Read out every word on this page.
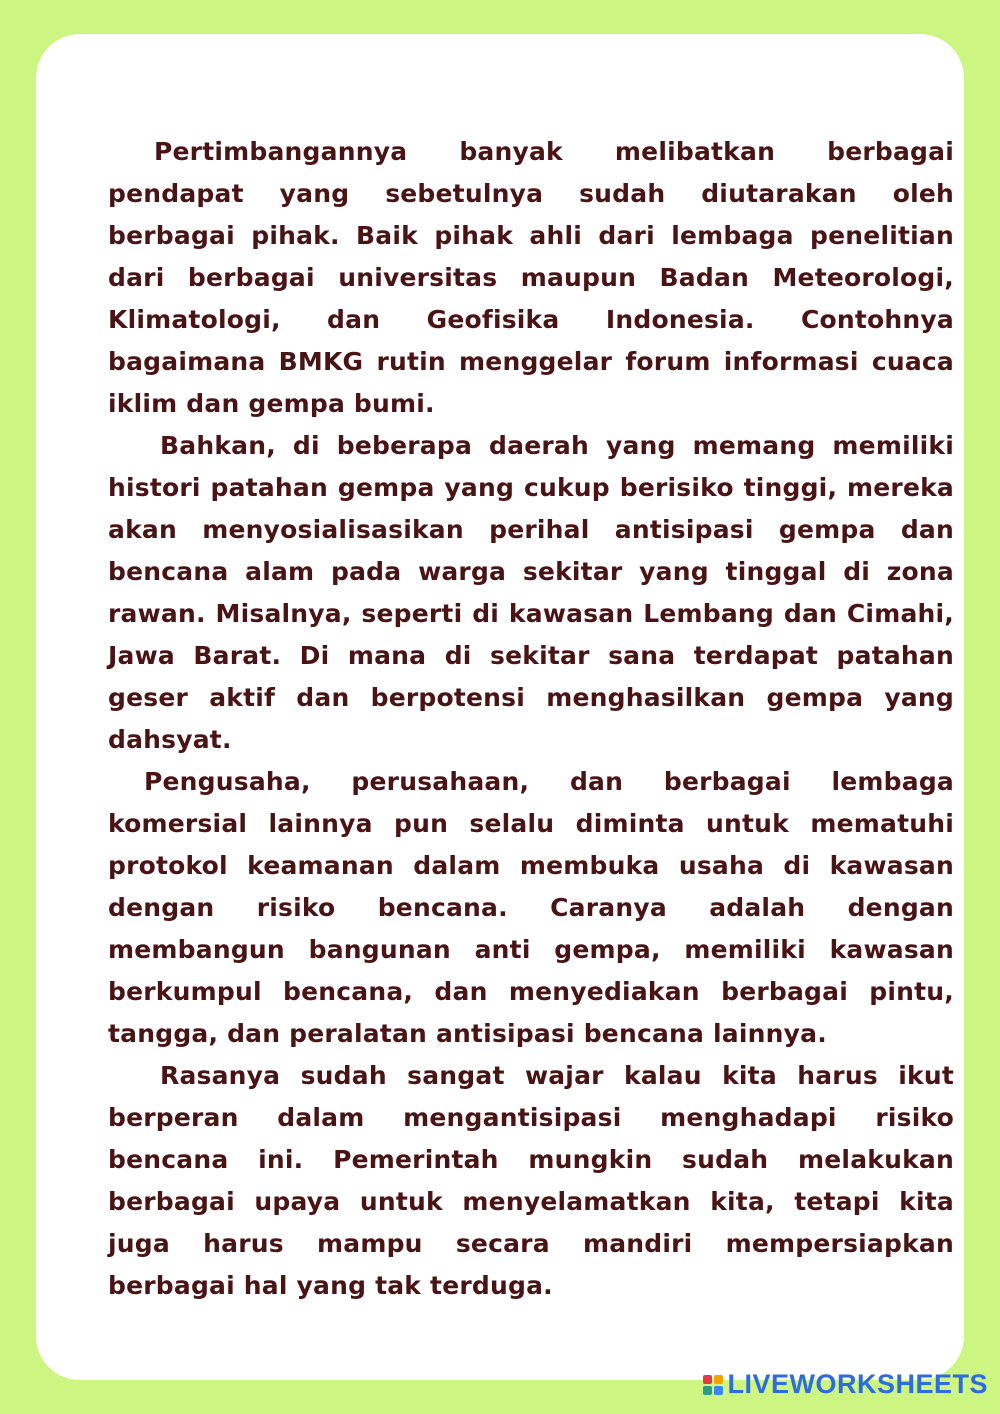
Pertimbangannya banyak melibatkan berbagai pendapat yang sebetulnya sudah diutarakan oleh berbagai pihak. Baik pihak ahli dari lembaga penelitian dari berbagai universitas maupun Badan Meteorologi, Klimatologi, dan Geofisika Indonesia. Contohnya bagaimana BMKG rutin menggelar forum informasi cuaca iklim dan gempa bumi.

Bahkan, di beberapa daerah yang memang memiliki histori patahan gempa yang cukup berisiko tinggi, mereka akan menyosialisasikan perihal antisipasi gempa dan bencana alam pada warga sekitar yang tinggal di zona rawan. Misalnya, seperti di kawasan Lembang dan Cimahi, Jawa Barat. Di mana di sekitar sana terdapat patahan geser aktif dan berpotensi menghasilkan gempa yang dahsyat.

Pengusaha, perusahaan, dan berbagai lembaga komersial lainnya pun selalu diminta untuk mematuhi protokol keamanan dalam membuka usaha di kawasan dengan risiko bencana. Caranya adalah dengan membangun bangunan anti gempa, memiliki kawasan berkumpul bencana, dan menyediakan berbagai pintu, tangga, dan peralatan antisipasi bencana lainnya.

Rasanya sudah sangat wajar kalau kita harus ikut berperan dalam mengantisipasi menghadapi risiko bencana ini. Pemerintah mungkin sudah melakukan berbagai upaya untuk menyelamatkan kita, tetapi kita juga harus mampu secara mandiri mempersiapkan berbagai hal yang tak terduga.

LIVEWORKSHEETS
